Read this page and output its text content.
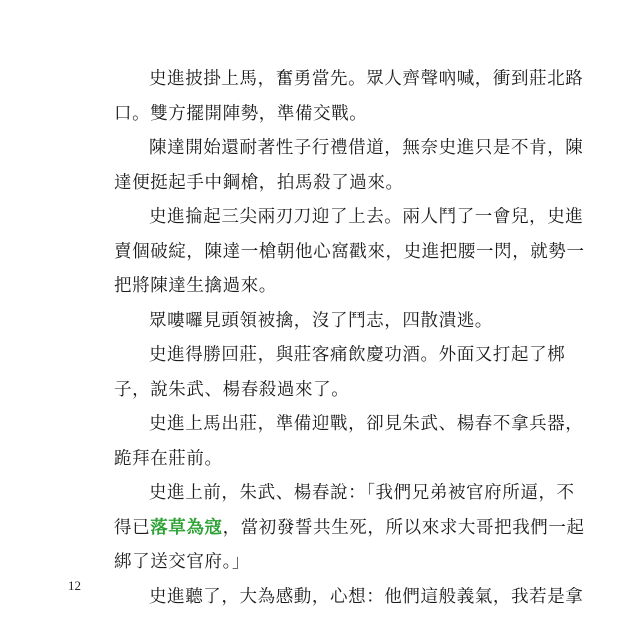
史進披掛上馬，奮勇當先。眾人齊聲吶喊，衝到莊北路
口。雙方擺開陣勢，準備交戰。
陳達開始還耐著性子行禮借道，無奈史進只是不肯，陳
達便挺起手中鋼槍，拍馬殺了過來。
史進掄起三尖兩刃刀迎了上去。兩人鬥了一會兒，史進
賣個破綻，陳達一槍朝他心窩戳來，史進把腰一閃，就勢一
把將陳達生擒過來。
眾嘍囉見頭領被擒，沒了鬥志，四散潰逃。
史進得勝回莊，與莊客痛飲慶功酒。外面又打起了梆
子，說朱武、楊春殺過來了。
史進上馬出莊，準備迎戰，卻見朱武、楊春不拿兵器，
跪拜在莊前。
史進上前，朱武、楊春說：「我們兄弟被官府所逼，不
得已落草為寇，當初發誓共生死，所以來求大哥把我們一起
綁了送交官府。」
史進聽了，大為感動，心想：他們這般義氣，我若是拿
12
